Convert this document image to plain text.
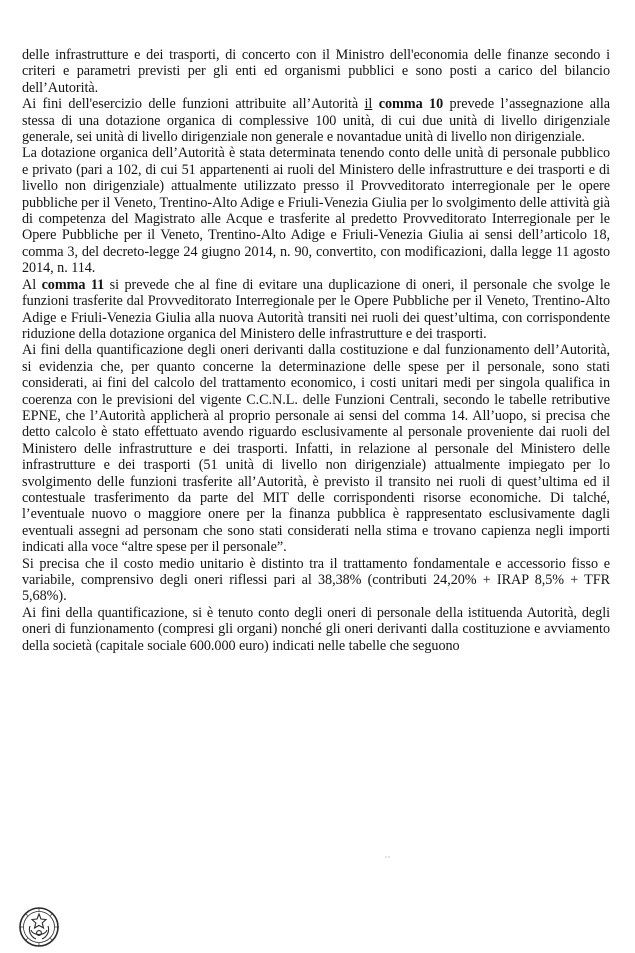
delle infrastrutture e dei trasporti, di concerto con il Ministro dell'economia delle finanze secondo i criteri e parametri previsti per gli enti ed organismi pubblici e sono posti a carico del bilancio dell’Autorità.

Ai fini dell'esercizio delle funzioni attribuite all’Autorità il comma 10 prevede l’assegnazione alla stessa di una dotazione organica di complessive 100 unità, di cui due unità di livello dirigenziale generale, sei unità di livello dirigenziale non generale e novantadue unità di livello non dirigenziale.

La dotazione organica dell’Autorità è stata determinata tenendo conto delle unità di personale pubblico e privato (pari a 102, di cui 51 appartenenti ai ruoli del Ministero delle infrastrutture e dei trasporti e di livello non dirigenziale) attualmente utilizzato presso il Provveditorato interregionale per le opere pubbliche per il Veneto, Trentino-Alto Adige e Friuli-Venezia Giulia per lo svolgimento delle attività già di competenza del Magistrato alle Acque e trasferite al predetto Provveditorato Interregionale per le Opere Pubbliche per il Veneto, Trentino-Alto Adige e Friuli-Venezia Giulia ai sensi dell’articolo 18, comma 3, del decreto-legge 24 giugno 2014, n. 90, convertito, con modificazioni, dalla legge 11 agosto 2014, n. 114.

Al comma 11 si prevede che al fine di evitare una duplicazione di oneri, il personale che svolge le funzioni trasferite dal Provveditorato Interregionale per le Opere Pubbliche per il Veneto, Trentino-Alto Adige e Friuli-Venezia Giulia alla nuova Autorità transiti nei ruoli dei quest’ultima, con corrispondente riduzione della dotazione organica del Ministero delle infrastrutture e dei trasporti.

Ai fini della quantificazione degli oneri derivanti dalla costituzione e dal funzionamento dell’Autorità, si evidenzia che, per quanto concerne la determinazione delle spese per il personale, sono stati considerati, ai fini del calcolo del trattamento economico, i costi unitari medi per singola qualifica in coerenza con le previsioni del vigente C.C.N.L. delle Funzioni Centrali, secondo le tabelle retributive EPNE, che l’Autorità applicherà al proprio personale ai sensi del comma 14. All’uopo, si precisa che detto calcolo è stato effettuato avendo riguardo esclusivamente al personale proveniente dai ruoli del Ministero delle infrastrutture e dei trasporti. Infatti, in relazione al personale del Ministero delle infrastrutture e dei trasporti (51 unità di livello non dirigenziale) attualmente impiegato per lo svolgimento delle funzioni trasferite all’Autorità, è previsto il transito nei ruoli di quest’ultima ed il contestuale trasferimento da parte del MIT delle corrispondenti risorse economiche. Di talché, l’eventuale nuovo o maggiore onere per la finanza pubblica è rappresentato esclusivamente dagli eventuali assegni ad personam che sono stati considerati nella stima e trovano capienza negli importi indicati alla voce “altre spese per il personale”.

Si precisa che il costo medio unitario è distinto tra il trattamento fondamentale e accessorio fisso e variabile, comprensivo degli oneri riflessi pari al 38,38% (contributi 24,20% + IRAP 8,5% + TFR 5,68%).

Ai fini della quantificazione, si è tenuto conto degli oneri di personale della istituenda Autorità, degli oneri di funzionamento (compresi gli organi) nonché gli oneri derivanti dalla costituzione e avviamento della società (capitale sociale 600.000 euro) indicati nelle tabelle che seguono
